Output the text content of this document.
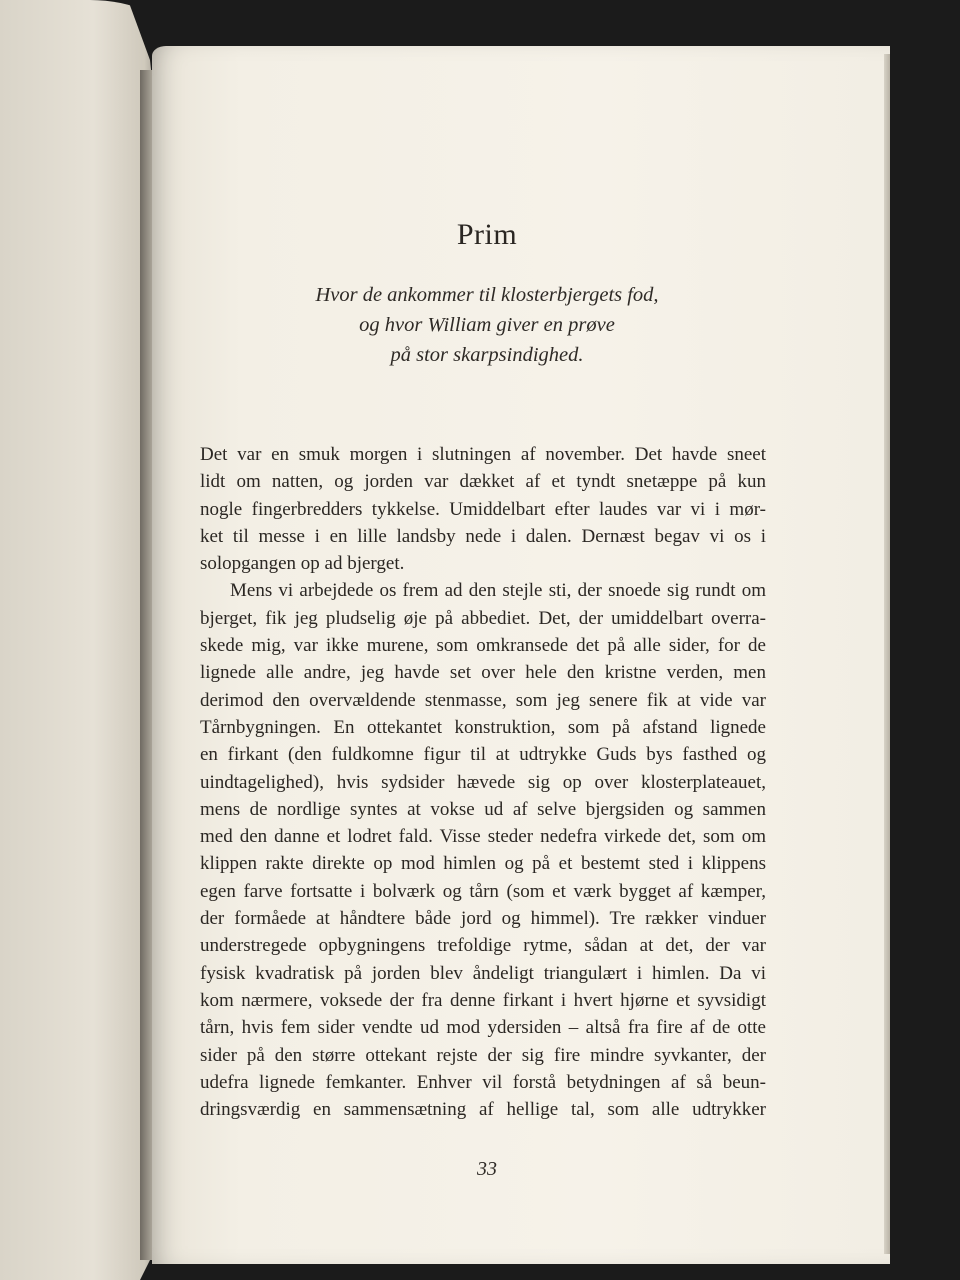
Prim
Hvor de ankommer til klosterbjergets fod,
og hvor William giver en prøve
på stor skarpsindighed.
Det var en smuk morgen i slutningen af november. Det havde sneet
lidt om natten, og jorden var dækket af et tyndt snetæppe på kun
nogle fingerbredders tykkelse. Umiddelbart efter laudes var vi i mør-
ket til messe i en lille landsby nede i dalen. Dernæst begav vi os i
solopgangen op ad bjerget.
Mens vi arbejdede os frem ad den stejle sti, der snoede sig rundt om
bjerget, fik jeg pludselig øje på abbediet. Det, der umiddelbart overra-
skede mig, var ikke murene, som omkransede det på alle sider, for de
lignede alle andre, jeg havde set over hele den kristne verden, men
derimod den overvældende stenmasse, som jeg senere fik at vide var
Tårnbygningen. En ottekantet konstruktion, som på afstand lignede
en firkant (den fuldkomne figur til at udtrykke Guds bys fasthed og
uindtagelighed), hvis sydsider hævede sig op over klosterplateauet,
mens de nordlige syntes at vokse ud af selve bjergsiden og sammen
med den danne et lodret fald. Visse steder nedefra virkede det, som om
klippen rakte direkte op mod himlen og på et bestemt sted i klippens
egen farve fortsatte i bolværk og tårn (som et værk bygget af kæmper,
der formåede at håndtere både jord og himmel). Tre rækker vinduer
understregede opbygningens trefoldige rytme, sådan at det, der var
fysisk kvadratisk på jorden blev åndeligt triangulært i himlen. Da vi
kom nærmere, voksede der fra denne firkant i hvert hjørne et syvsidigt
tårn, hvis fem sider vendte ud mod ydersiden – altså fra fire af de otte
sider på den større ottekant rejste der sig fire mindre syvkanter, der
udefra lignede femkanter. Enhver vil forstå betydningen af så beun-
dringsværdig en sammensætning af hellige tal, som alle udtrykker
33
